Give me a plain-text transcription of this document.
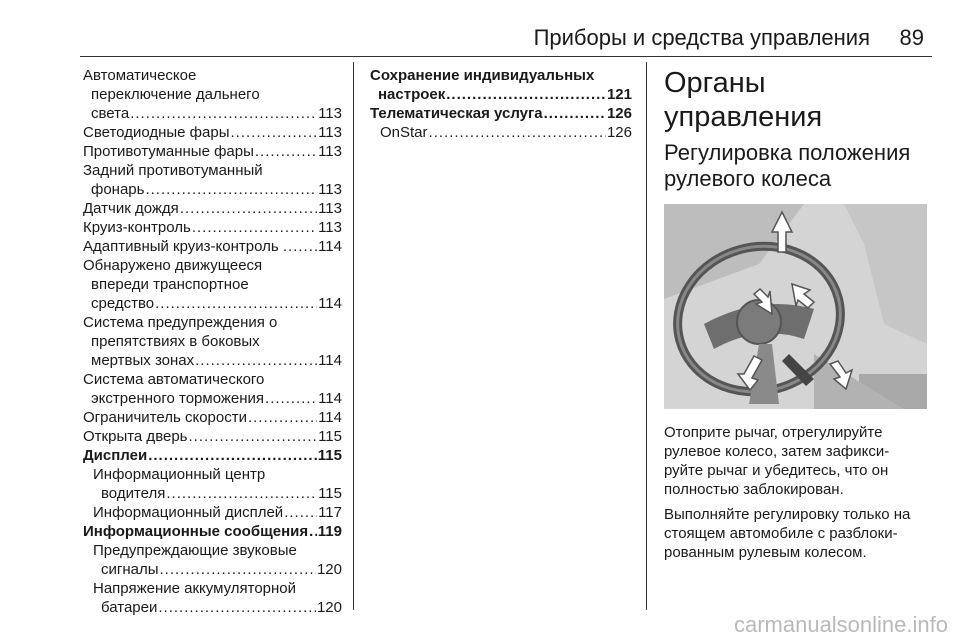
Приборы и средства управления 89
Автоматическое
переключение дальнего
света .....	113
Светодиодные фары .....	113
Противотуманные фары .....	113
Задний противотуманный
фонарь .....	113
Датчик дождя .....	113
Круиз-контроль .....	113
Адаптивный круиз-контроль . ..... 114
Обнаружено движущееся
впереди транспортное
средство .....	114
Система предупреждения о
препятствиях в боковых
мертвых зонах .....	114
Система автоматического
экстренного торможения .....	114
Ограничитель скорости .....	114
Открыта дверь .....	115
Дисплеи .....	115
Информационный центр
водителя .....	115
Информационный дисплей ..... 117
Информационные сообщения ..... 119
Предупреждающие звуковые
сигналы .....	120
Напряжение аккумуляторной
батареи .....	120
Сохранение индивидуальных
настроек .....	121
Телематическая услуга .....	126
OnStar .....	126
Органы управления
Регулировка положения
рулевого колеса

Отоприте рычаг, отрегулируйте
рулевое колесо, затем зафикси-
руйте рычаг и убедитесь, что он
полностью заблокирован.

Выполняйте регулировку только на
стоящем автомобиле с разблоки-
рованным рулевым колесом.

carmanualsonline.info
